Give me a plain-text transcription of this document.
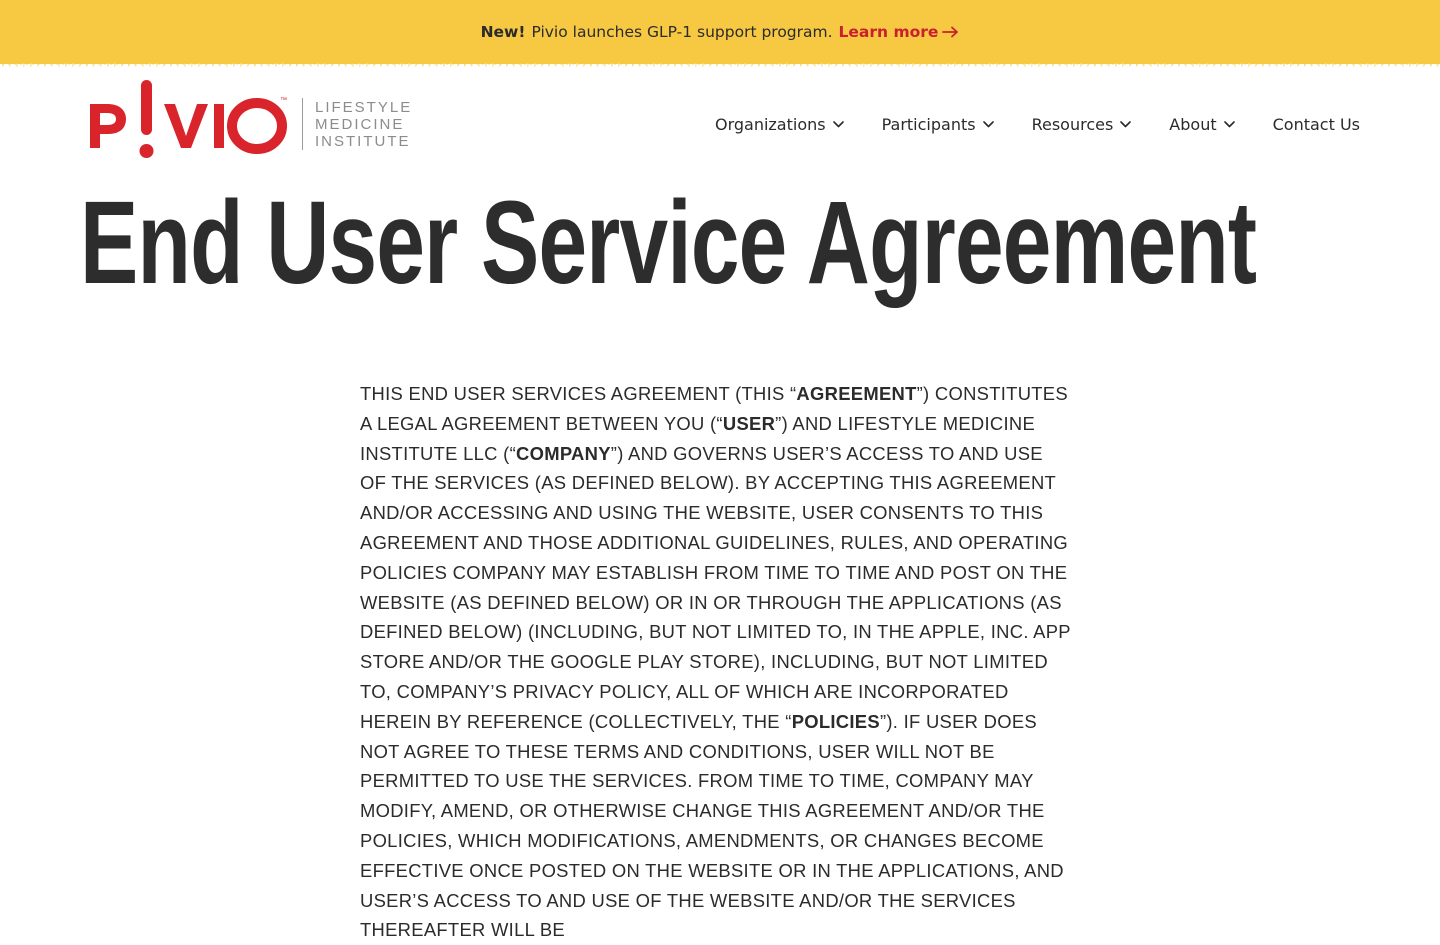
New! Pivio launches GLP-1 support program. Learn more
™ LIFESTYLE
MEDICINE
INSTITUTE
Organizations	Participants	Resources	About	Contact Us
End User Service Agreement

THIS END USER SERVICES AGREEMENT (THIS “AGREEMENT”) CONSTITUTES A LEGAL AGREEMENT BETWEEN YOU (“USER”) AND LIFESTYLE MEDICINE INSTITUTE LLC (“COMPANY”) AND GOVERNS USER’S ACCESS TO AND USE OF THE SERVICES (AS DEFINED BELOW). BY ACCEPTING THIS AGREEMENT AND/OR ACCESSING AND USING THE WEBSITE, USER CONSENTS TO THIS AGREEMENT AND THOSE ADDITIONAL GUIDELINES, RULES, AND OPERATING POLICIES COMPANY MAY ESTABLISH FROM TIME TO TIME AND POST ON THE WEBSITE (AS DEFINED BELOW) OR IN OR THROUGH THE APPLICATIONS (AS DEFINED BELOW) (INCLUDING, BUT NOT LIMITED TO, IN THE APPLE, INC. APP STORE AND/OR THE GOOGLE PLAY STORE), INCLUDING, BUT NOT LIMITED TO, COMPANY’S PRIVACY POLICY, ALL OF WHICH ARE INCORPORATED HEREIN BY REFERENCE (COLLECTIVELY, THE “POLICIES”). IF USER DOES NOT AGREE TO THESE TERMS AND CONDITIONS, USER WILL NOT BE PERMITTED TO USE THE SERVICES. FROM TIME TO TIME, COMPANY MAY MODIFY, AMEND, OR OTHERWISE CHANGE THIS AGREEMENT AND/OR THE POLICIES, WHICH MODIFICATIONS, AMENDMENTS, OR CHANGES BECOME EFFECTIVE ONCE POSTED ON THE WEBSITE OR IN THE APPLICATIONS, AND USER’S ACCESS TO AND USE OF THE WEBSITE AND/OR THE SERVICES THEREAFTER WILL BE
